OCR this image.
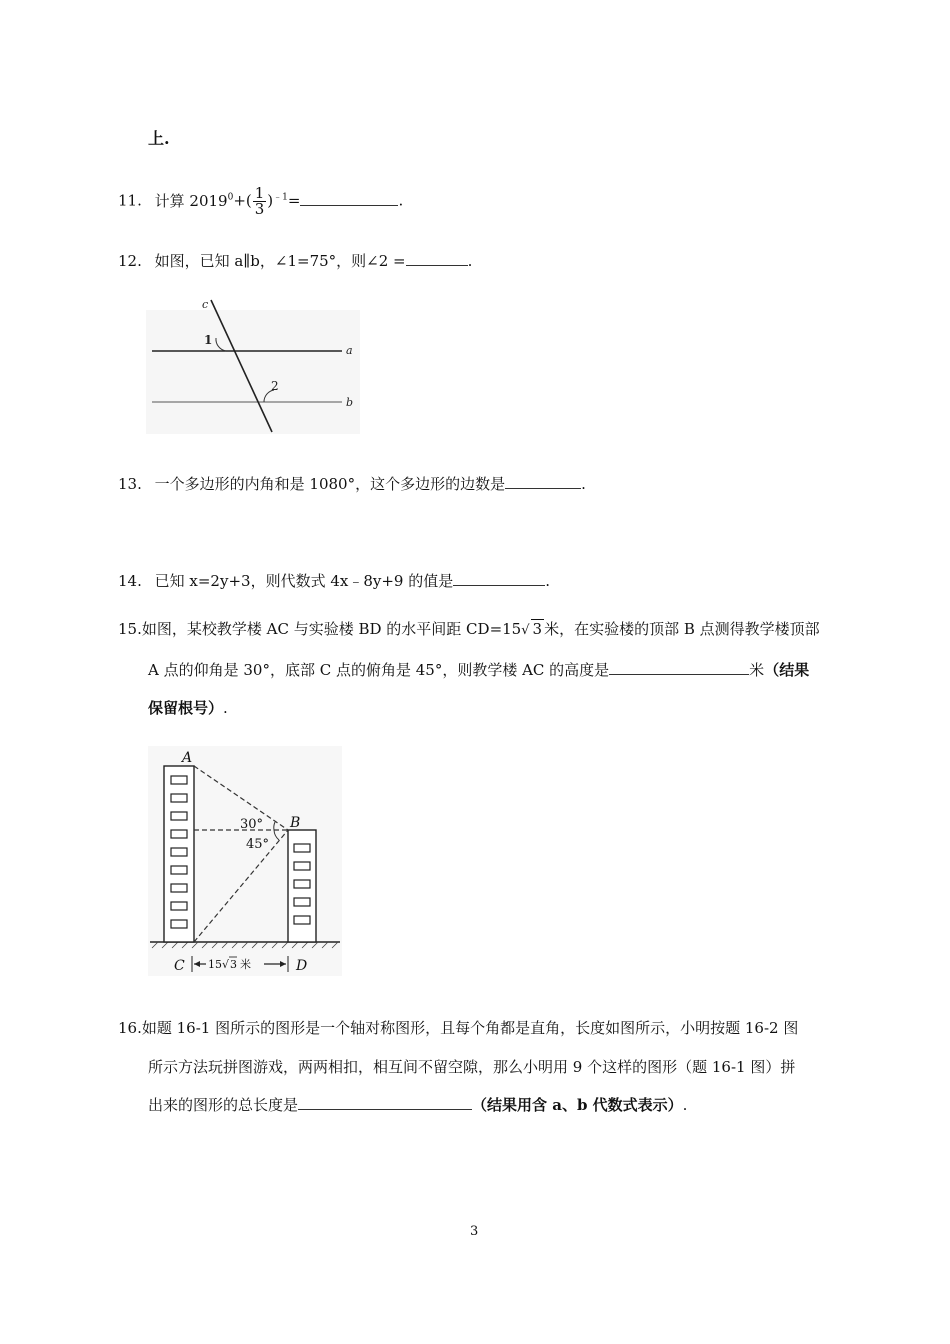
上.
11. 计算 $2019^0+( \frac{1}{3} )^{﹣1}=$	.
12. 如图，已知 a∥b，∠1=75°，则∠2 =	.
c
a
b
1
2
13. 一个多边形的内角和是 1080°，这个多边形的边数是	.
14. 已知 x=2y+3，则代数式 4x﹣8y+9 的值是	.
15.如图，某校教学楼 AC 与实验楼 BD 的水平间距 CD=15√ 3 米，在实验楼的顶部 B 点测得教学楼顶部
A 点的仰角是 30°，底部 C 点的俯角是 45°，则教学楼 AC 的高度是	米（结果
保留根号）.
A
B
30°
45°
C	D
15 √ 3 米
16.如题 16-1 图所示的图形是一个轴对称图形，且每个角都是直角，长度如图所示，小明按题 16-2 图
所示方法玩拼图游戏，两两相扣，相互间不留空隙，那么小明用 9 个这样的图形（题 16-1 图）拼
出来的图形的总长度是	（结果用含 a、b 代数式表示）.
3
